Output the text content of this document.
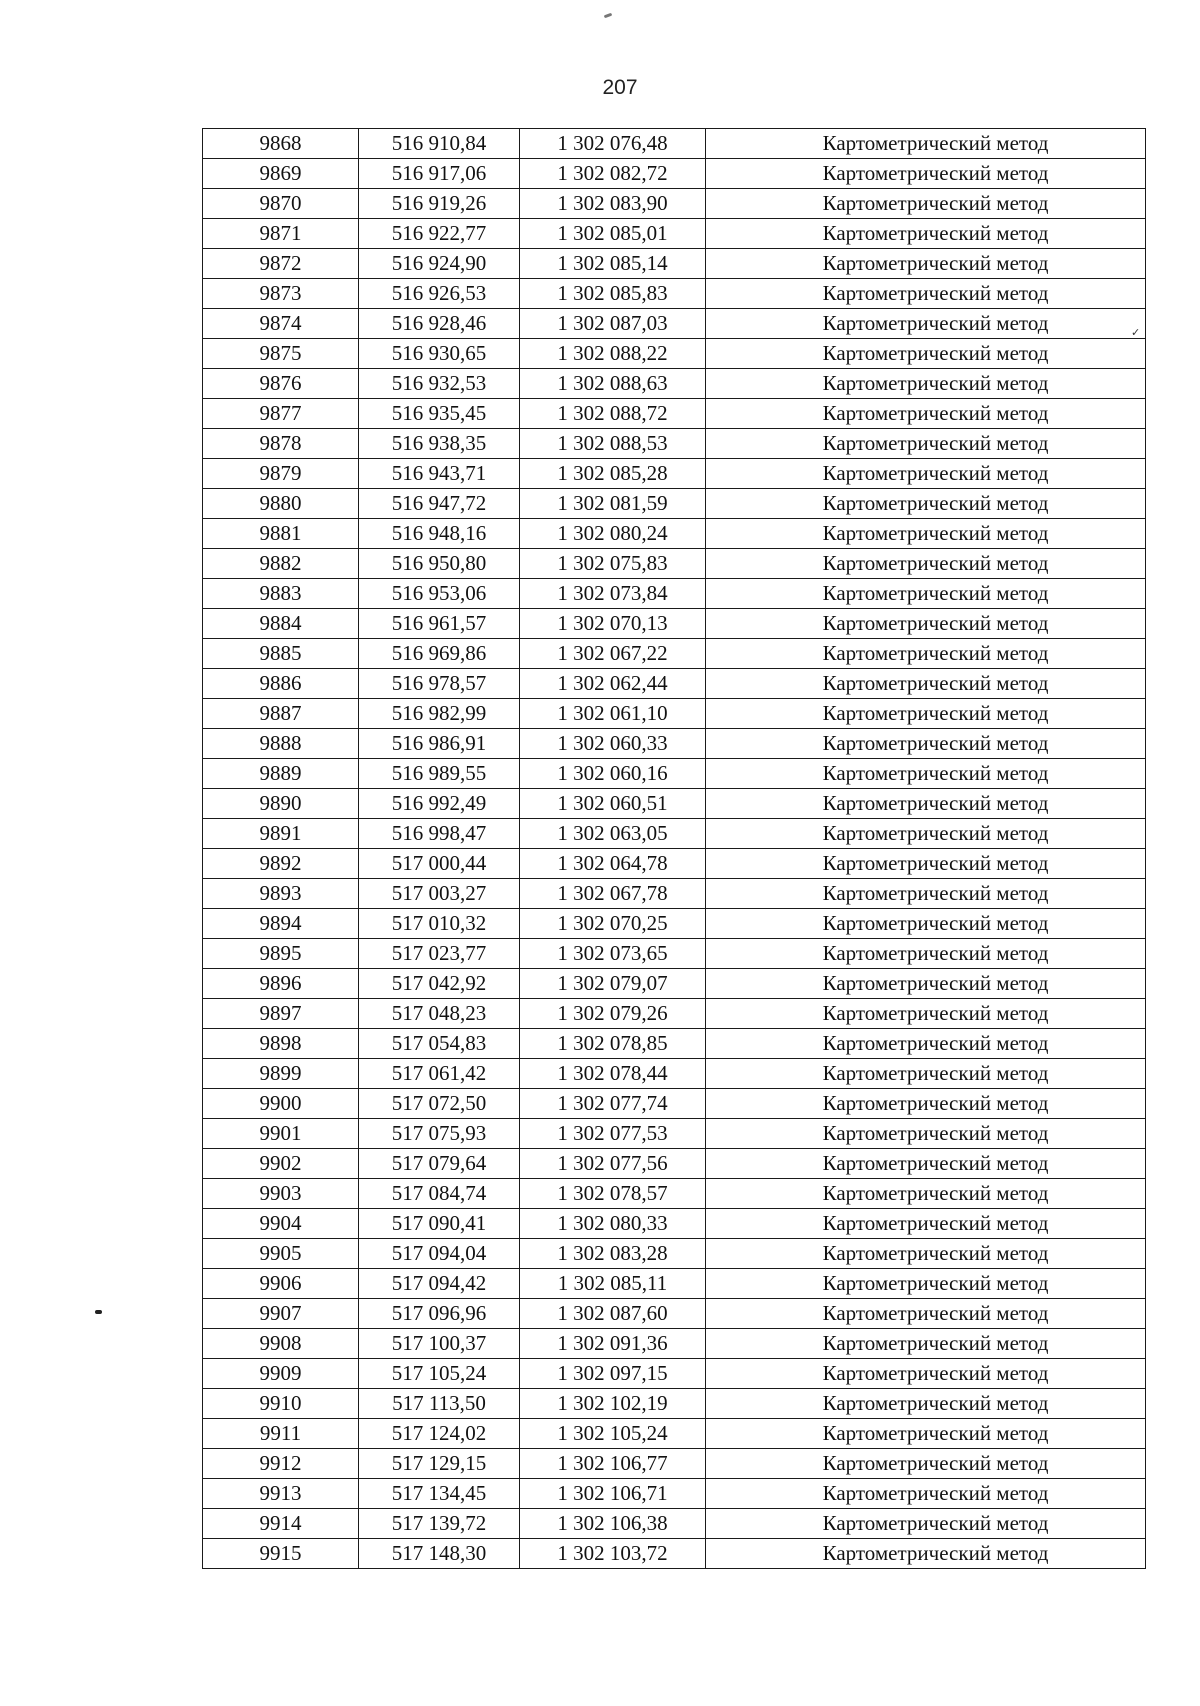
✓
207
9868	516 910,84	1 302 076,48	Картометрический метод
9869	516 917,06	1 302 082,72	Картометрический метод
9870	516 919,26	1 302 083,90	Картометрический метод
9871	516 922,77	1 302 085,01	Картометрический метод
9872	516 924,90	1 302 085,14	Картометрический метод
9873	516 926,53	1 302 085,83	Картометрический метод
9874	516 928,46	1 302 087,03	Картометрический метод
9875	516 930,65	1 302 088,22	Картометрический метод
9876	516 932,53	1 302 088,63	Картометрический метод
9877	516 935,45	1 302 088,72	Картометрический метод
9878	516 938,35	1 302 088,53	Картометрический метод
9879	516 943,71	1 302 085,28	Картометрический метод
9880	516 947,72	1 302 081,59	Картометрический метод
9881	516 948,16	1 302 080,24	Картометрический метод
9882	516 950,80	1 302 075,83	Картометрический метод
9883	516 953,06	1 302 073,84	Картометрический метод
9884	516 961,57	1 302 070,13	Картометрический метод
9885	516 969,86	1 302 067,22	Картометрический метод
9886	516 978,57	1 302 062,44	Картометрический метод
9887	516 982,99	1 302 061,10	Картометрический метод
9888	516 986,91	1 302 060,33	Картометрический метод
9889	516 989,55	1 302 060,16	Картометрический метод
9890	516 992,49	1 302 060,51	Картометрический метод
9891	516 998,47	1 302 063,05	Картометрический метод
9892	517 000,44	1 302 064,78	Картометрический метод
9893	517 003,27	1 302 067,78	Картометрический метод
9894	517 010,32	1 302 070,25	Картометрический метод
9895	517 023,77	1 302 073,65	Картометрический метод
9896	517 042,92	1 302 079,07	Картометрический метод
9897	517 048,23	1 302 079,26	Картометрический метод
9898	517 054,83	1 302 078,85	Картометрический метод
9899	517 061,42	1 302 078,44	Картометрический метод
9900	517 072,50	1 302 077,74	Картометрический метод
9901	517 075,93	1 302 077,53	Картометрический метод
9902	517 079,64	1 302 077,56	Картометрический метод
9903	517 084,74	1 302 078,57	Картометрический метод
9904	517 090,41	1 302 080,33	Картометрический метод
9905	517 094,04	1 302 083,28	Картометрический метод
9906	517 094,42	1 302 085,11	Картометрический метод
9907	517 096,96	1 302 087,60	Картометрический метод
9908	517 100,37	1 302 091,36	Картометрический метод
9909	517 105,24	1 302 097,15	Картометрический метод
9910	517 113,50	1 302 102,19	Картометрический метод
9911	517 124,02	1 302 105,24	Картометрический метод
9912	517 129,15	1 302 106,77	Картометрический метод
9913	517 134,45	1 302 106,71	Картометрический метод
9914	517 139,72	1 302 106,38	Картометрический метод
9915	517 148,30	1 302 103,72	Картометрический метод
